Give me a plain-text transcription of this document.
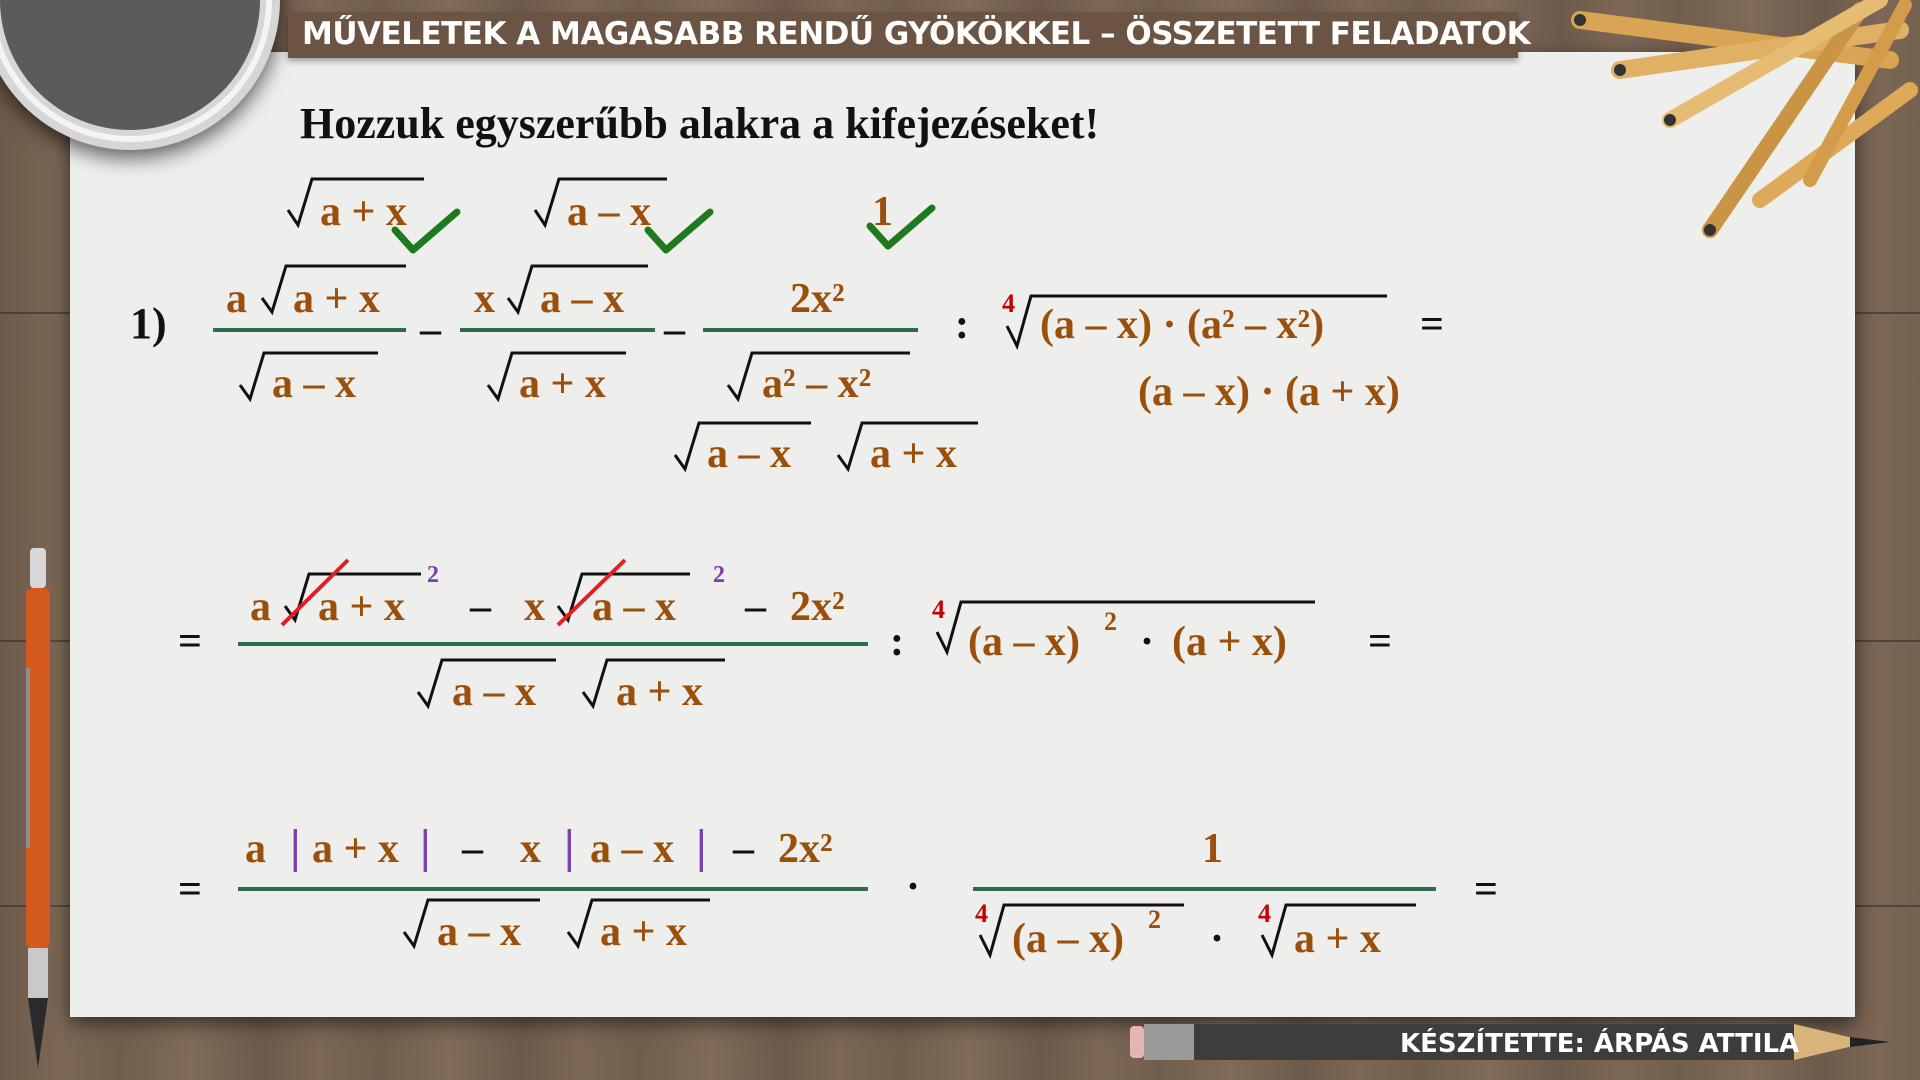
MŰVELETEK A MAGASABB RENDŰ GYÖKÖKKEL – ÖSSZETETT FELADATOK
Hozzuk egyszerűbb alakra a kifejezéseket!
KÉSZÍTETTE: ÁRPÁS ATTILA
1)
a + x	a – x	1
a a + x
a – x
–
x a – x
a + x
–
2x²
a² – x²
a – x a + x
: 4 (a – x) · (a² – x²) =
(a – x) · (a + x)
=
a a + x
2
– x a – x
2
– 2x²
a – x a + x
:
4
(a – x) 2 · (a + x) =
=
a | a + x | – x | a – x | – 2x²
a – x a + x
·
1
4
(a – x) 2 ·
4
a + x
=
